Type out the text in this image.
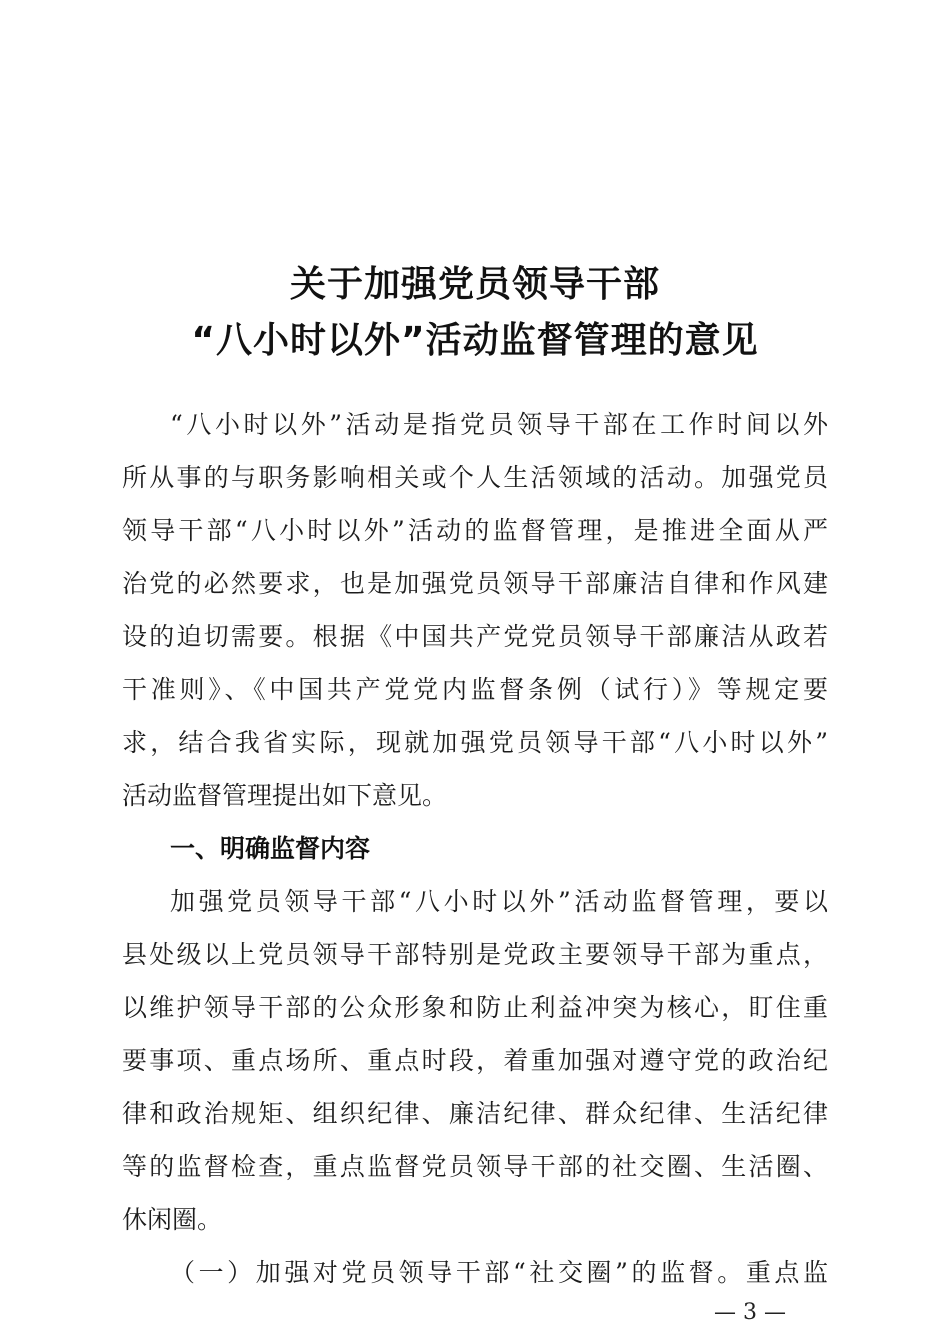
关于加强党员领导干部
“八小时以外”活动监督管理的意见
“八小时以外”活动是指党员领导干部在工作时间以外
所从事的与职务影响相关或个人生活领域的活动。加强党员
领导干部“八小时以外”活动的监督管理，是推进全面从严
治党的必然要求，也是加强党员领导干部廉洁自律和作风建
设的迫切需要。根据《中国共产党党员领导干部廉洁从政若
干准则》、《中国共产党党内监督条例（试行）》等规定要
求，结合我省实际，现就加强党员领导干部“八小时以外”
活动监督管理提出如下意见。
一、明确监督内容
加强党员领导干部“八小时以外”活动监督管理，要以
县处级以上党员领导干部特别是党政主要领导干部为重点，
以维护领导干部的公众形象和防止利益冲突为核心，盯住重
要事项、重点场所、重点时段，着重加强对遵守党的政治纪
律和政治规矩、组织纪律、廉洁纪律、群众纪律、生活纪律
等的监督检查，重点监督党员领导干部的社交圈、生活圈、
休闲圈。
（一）加强对党员领导干部“社交圈”的监督。重点监
— 3 —
